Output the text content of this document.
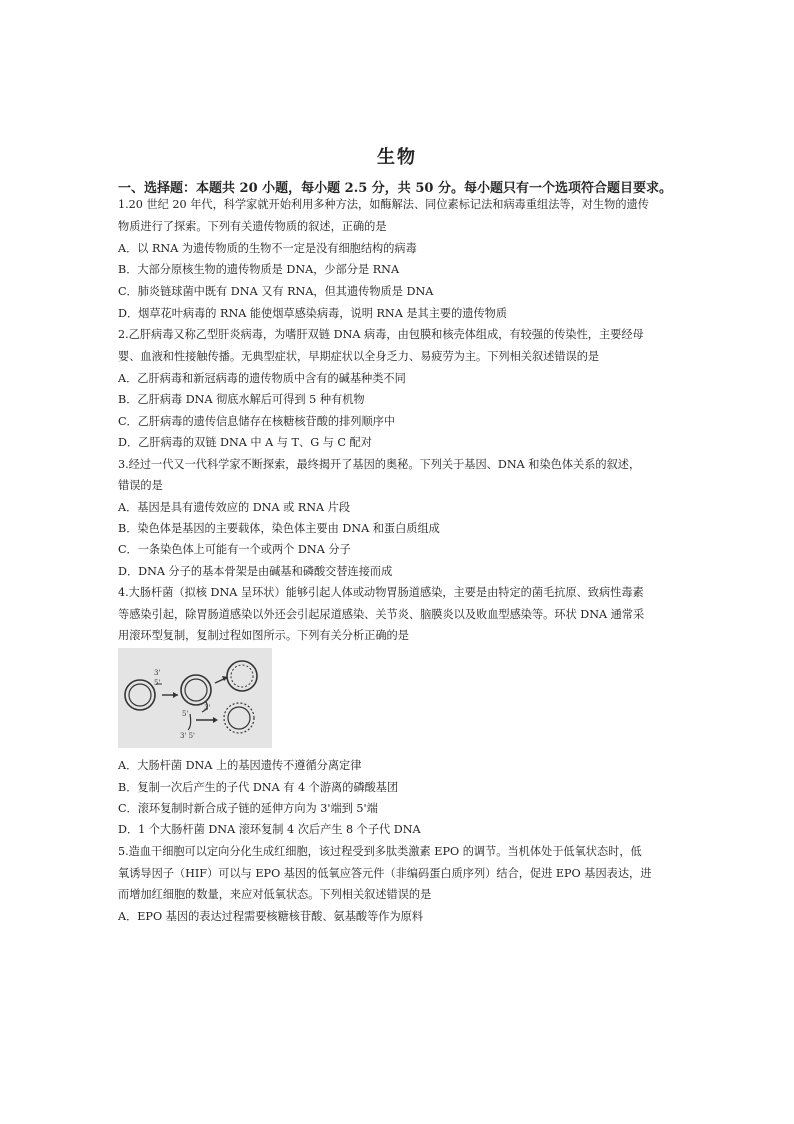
生物
一、选择题：本题共 20 小题，每小题 2.5 分，共 50 分。每小题只有一个选项符合题目要求。
1.20 世纪 20 年代，科学家就开始利用多种方法，如酶解法、同位素标记法和病毒重组法等，对生物的遗传
物质进行了探索。下列有关遗传物质的叙述，正确的是
A．以 RNA 为遗传物质的生物不一定是没有细胞结构的病毒
B．大部分原核生物的遗传物质是 DNA，少部分是 RNA
C．肺炎链球菌中既有 DNA 又有 RNA，但其遗传物质是 DNA
D．烟草花叶病毒的 RNA 能使烟草感染病毒，说明 RNA 是其主要的遗传物质
2.乙肝病毒又称乙型肝炎病毒，为嗜肝双链 DNA 病毒，由包膜和核壳体组成，有较强的传染性，主要经母
婴、血液和性接触传播。无典型症状，早期症状以全身乏力、易疲劳为主。下列相关叙述错误的是
A．乙肝病毒和新冠病毒的遗传物质中含有的碱基种类不同
B．乙肝病毒 DNA 彻底水解后可得到 5 种有机物
C．乙肝病毒的遗传信息储存在核糖核苷酸的排列顺序中
D．乙肝病毒的双链 DNA 中 A 与 T、G 与 C 配对
3.经过一代又一代科学家不断探索，最终揭开了基因的奥秘。下列关于基因、DNA 和染色体关系的叙述，
错误的是
A．基因是具有遗传效应的 DNA 或 RNA 片段
B．染色体是基因的主要载体，染色体主要由 DNA 和蛋白质组成
C．一条染色体上可能有一个或两个 DNA 分子
D．DNA 分子的基本骨架是由碱基和磷酸交替连接而成
4.大肠杆菌（拟核 DNA 呈环状）能够引起人体或动物胃肠道感染，主要是由特定的菌毛抗原、致病性毒素
等感染引起，除胃肠道感染以外还会引起尿道感染、关节炎、脑膜炎以及败血型感染等。环状 DNA 通常采
用滚环型复制，复制过程如图所示。下列有关分析正确的是
3'
5'
3'
5'
3' 5'
A．大肠杆菌 DNA 上的基因遗传不遵循分离定律
B．复制一次后产生的子代 DNA 有 4 个游离的磷酸基团
C．滚环复制时新合成子链的延伸方向为 3'端到 5'端
D．1 个大肠杆菌 DNA 滚环复制 4 次后产生 8 个子代 DNA
5.造血干细胞可以定向分化生成红细胞，该过程受到多肽类激素 EPO 的调节。当机体处于低氧状态时，低
氧诱导因子（HIF）可以与 EPO 基因的低氧应答元件（非编码蛋白质序列）结合，促进 EPO 基因表达，进
而增加红细胞的数量，来应对低氧状态。下列相关叙述错误的是
A．EPO 基因的表达过程需要核糖核苷酸、氨基酸等作为原料
